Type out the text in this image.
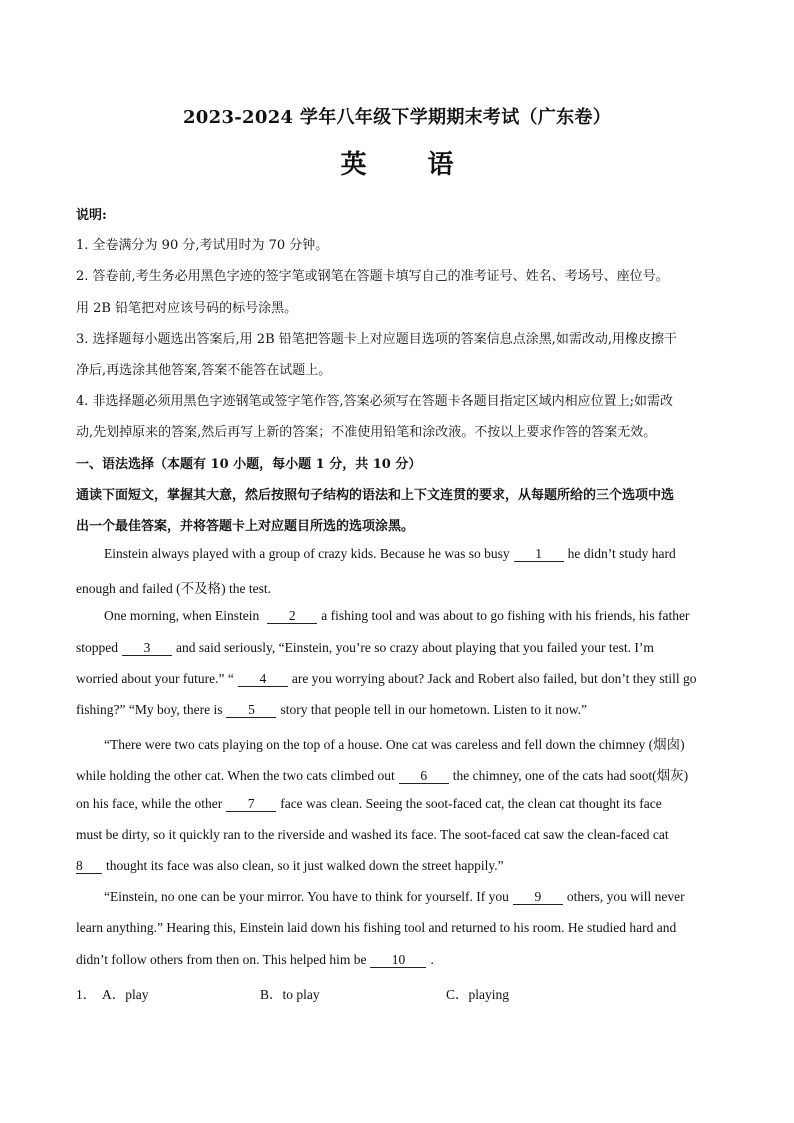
2023-2024 学年八年级下学期期末考试（广东卷）
英 语
说明:
1. 全卷满分为 90 分,考试用时为 70 分钟。
2. 答卷前,考生务必用黑色字迹的签字笔或钢笔在答题卡填写自己的准考证号、姓名、考场号、座位号。
用 2B 铅笔把对应该号码的标号涂黑。
3. 选择题每小题选出答案后,用 2B 铅笔把答题卡上对应题目选项的答案信息点涂黑,如需改动,用橡皮擦干
净后,再选涂其他答案,答案不能答在试题上。
4. 非选择题必须用黑色字迹钢笔或签字笔作答,答案必须写在答题卡各题目指定区域内相应位置上;如需改
动,先划掉原来的答案,然后再写上新的答案；不准使用铅笔和涂改液。不按以上要求作答的答案无效。
一、语法选择（本题有 10 小题，每小题 1 分，共 10 分）
通读下面短文，掌握其大意，然后按照句子结构的语法和上下文连贯的要求，从每题所给的三个选项中选
出一个最佳答案，并将答题卡上对应题目所选的选项涂黑。
Einstein always played with a group of crazy kids. Because he was so busy 1 he didn’t study hard
enough and failed (不及格) the test.
One morning, when Einstein 2 a fishing tool and was about to go fishing with his friends, his father
stopped 3 and said seriously, “Einstein, you’re so crazy about playing that you failed your test. I’m
worried about your future.” “ 4 are you worrying about? Jack and Robert also failed, but don’t they still go
fishing?” “My boy, there is 5 story that people tell in our hometown. Listen to it now.”
“There were two cats playing on the top of a house. One cat was careless and fell down the chimney (烟囱)
while holding the other cat. When the two cats climbed out 6 the chimney, one of the cats had soot(烟灰)
on his face, while the other 7 face was clean. Seeing the soot-faced cat, the clean cat thought its face
must be dirty, so it quickly ran to the riverside and washed its face. The soot-faced cat saw the clean-faced cat
8 thought its face was also clean, so it just walked down the street happily.”
“Einstein, no one can be your mirror. You have to think for yourself. If you 9 others, you will never
learn anything.” Hearing this, Einstein laid down his fishing tool and returned to his room. He studied hard and
didn’t follow others from then on. This helped him be 10 .
1． A．play	B．to play	C．playing
